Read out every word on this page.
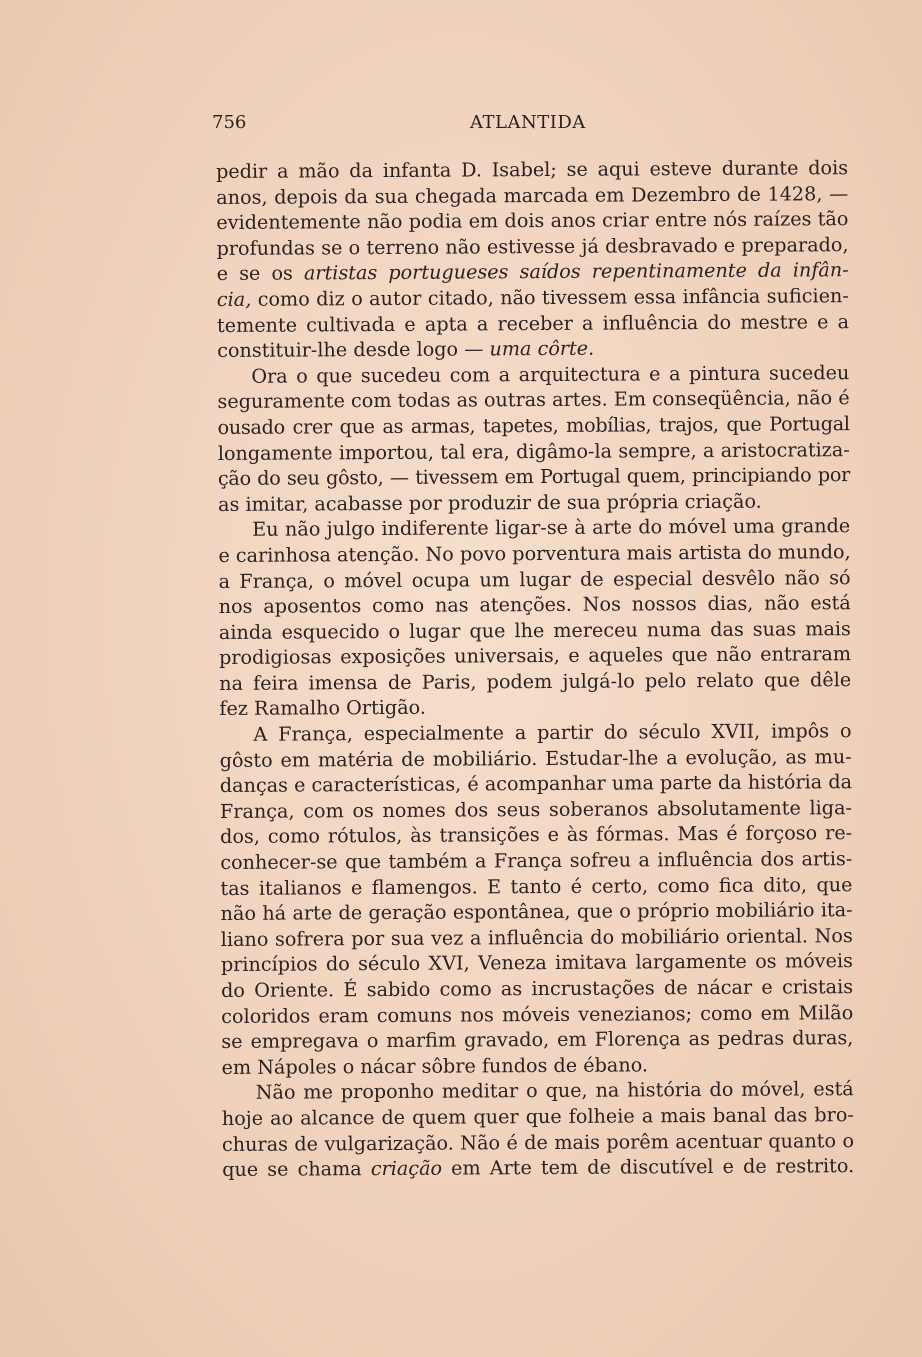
756	ATLANTIDA

pedir a mão da infanta D. Isabel; se aqui esteve durante dois
anos, depois da sua chegada marcada em Dezembro de 1428, —
evidentemente não podia em dois anos criar entre nós raízes tão
profundas se o terreno não estivesse já desbravado e preparado,
e se os artistas portugueses saídos repentinamente da infân-
cia, como diz o autor citado, não tivessem essa infância suficien-
temente cultivada e apta a receber a influência do mestre e a
constituir-lhe desde logo — uma côrte.

Ora o que sucedeu com a arquitectura e a pintura sucedeu
seguramente com todas as outras artes. Em conseqüência, não é
ousado crer que as armas, tapetes, mobílias, trajos, que Portugal
longamente importou, tal era, digâmo-la sempre, a aristocratiza-
ção do seu gôsto, — tivessem em Portugal quem, principiando por
as imitar, acabasse por produzir de sua própria criação.

Eu não julgo indiferente ligar-se à arte do móvel uma grande
e carinhosa atenção. No povo porventura mais artista do mundo,
a França, o móvel ocupa um lugar de especial desvêlo não só
nos aposentos como nas atenções. Nos nossos dias, não está
ainda esquecido o lugar que lhe mereceu numa das suas mais
prodigiosas exposições universais, e aqueles que não entraram
na feira imensa de Paris, podem julgá-lo pelo relato que dêle
fez Ramalho Ortigão.

A França, especialmente a partir do século XVII, impôs o
gôsto em matéria de mobiliário. Estudar-lhe a evolução, as mu-
danças e características, é acompanhar uma parte da história da
França, com os nomes dos seus soberanos absolutamente liga-
dos, como rótulos, às transições e às fórmas. Mas é forçoso re-
conhecer-se que também a França sofreu a influência dos artis-
tas italianos e flamengos. E tanto é certo, como fica dito, que
não há arte de geração espontânea, que o próprio mobiliário ita-
liano sofrera por sua vez a influência do mobiliário oriental. Nos
princípios do século XVI, Veneza imitava largamente os móveis
do Oriente. É sabido como as incrustações de nácar e cristais
coloridos eram comuns nos móveis venezianos; como em Milão
se empregava o marfim gravado, em Florença as pedras duras,
em Nápoles o nácar sôbre fundos de ébano.

Não me proponho meditar o que, na história do móvel, está
hoje ao alcance de quem quer que folheie a mais banal das bro-
churas de vulgarização. Não é de mais porêm acentuar quanto o
que se chama criação em Arte tem de discutível e de restrito.
